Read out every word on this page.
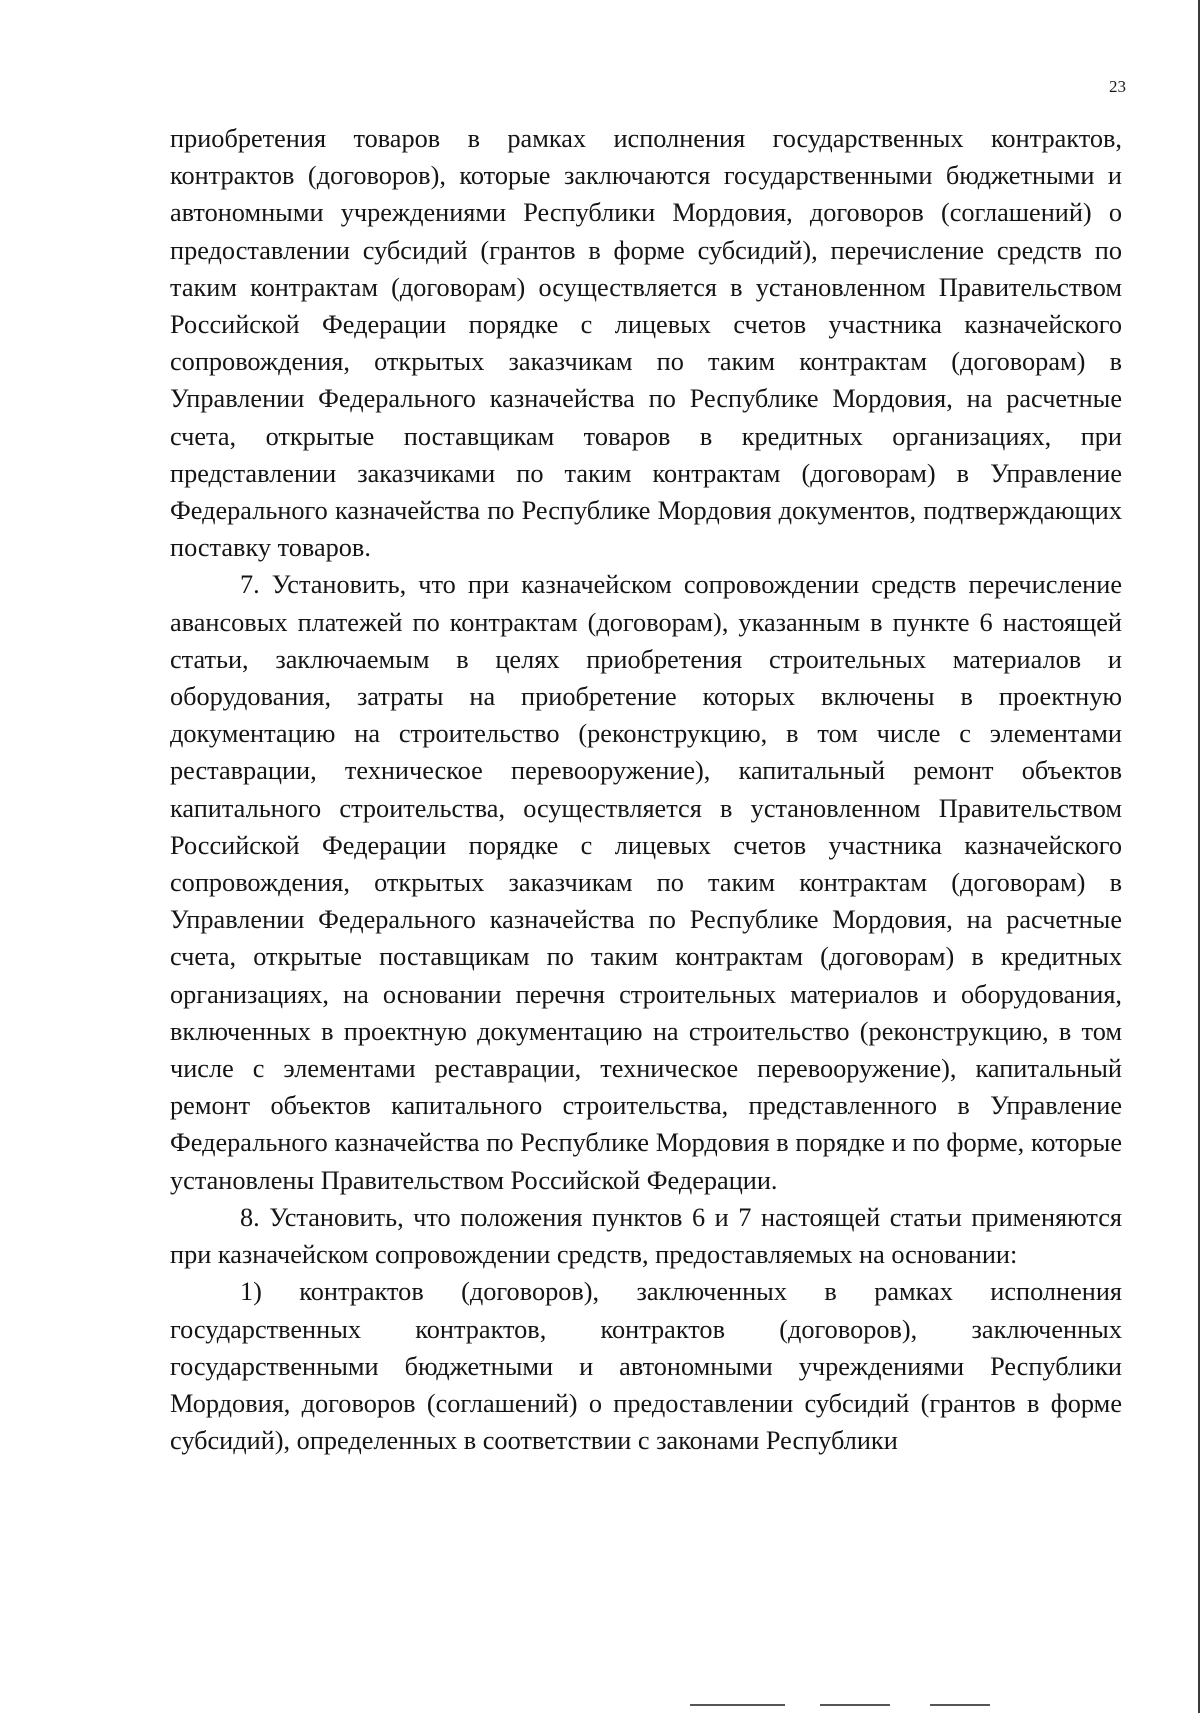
23

приобретения товаров в рамках исполнения государственных контрактов, контрактов (договоров), которые заключаются государственными бюджетными и автономными учреждениями Республики Мордовия, договоров (соглашений) о предоставлении субсидий (грантов в форме субсидий), перечисление средств по таким контрактам (договорам) осуществляется в установленном Правительством Российской Федерации порядке с лицевых счетов участника казначейского сопровождения, открытых заказчикам по таким контрактам (договорам) в Управлении Федерального казначейства по Республике Мордовия, на расчетные счета, открытые поставщикам товаров в кредитных организациях, при представлении заказчиками по таким контрактам (договорам) в Управление Федерального казначейства по Республике Мордовия документов, подтверждающих поставку товаров.

7. Установить, что при казначейском сопровождении средств перечисление авансовых платежей по контрактам (договорам), указанным в пункте 6 настоящей статьи, заключаемым в целях приобретения строительных материалов и оборудования, затраты на приобретение которых включены в проектную документацию на строительство (реконструкцию, в том числе с элементами реставрации, техническое перевооружение), капитальный ремонт объектов капитального строительства, осуществляется в установленном Правительством Российской Федерации порядке с лицевых счетов участника казначейского сопровождения, открытых заказчикам по таким контрактам (договорам) в Управлении Федерального казначейства по Республике Мордовия, на расчетные счета, открытые поставщикам по таким контрактам (договорам) в кредитных организациях, на основании перечня строительных материалов и оборудования, включенных в проектную документацию на строительство (реконструкцию, в том числе с элементами реставрации, техническое перевооружение), капитальный ремонт объектов капитального строительства, представленного в Управление Федерального казначейства по Республике Мордовия в порядке и по форме, которые установлены Правительством Российской Федерации.

8. Установить, что положения пунктов 6 и 7 настоящей статьи применяются при казначейском сопровождении средств, предоставляемых на основании:

1) контрактов (договоров), заключенных в рамках исполнения государственных контрактов, контрактов (договоров), заключенных государственными бюджетными и автономными учреждениями Республики Мордовия, договоров (соглашений) о предоставлении субсидий (грантов в форме субсидий), определенных в соответствии с законами Республики
